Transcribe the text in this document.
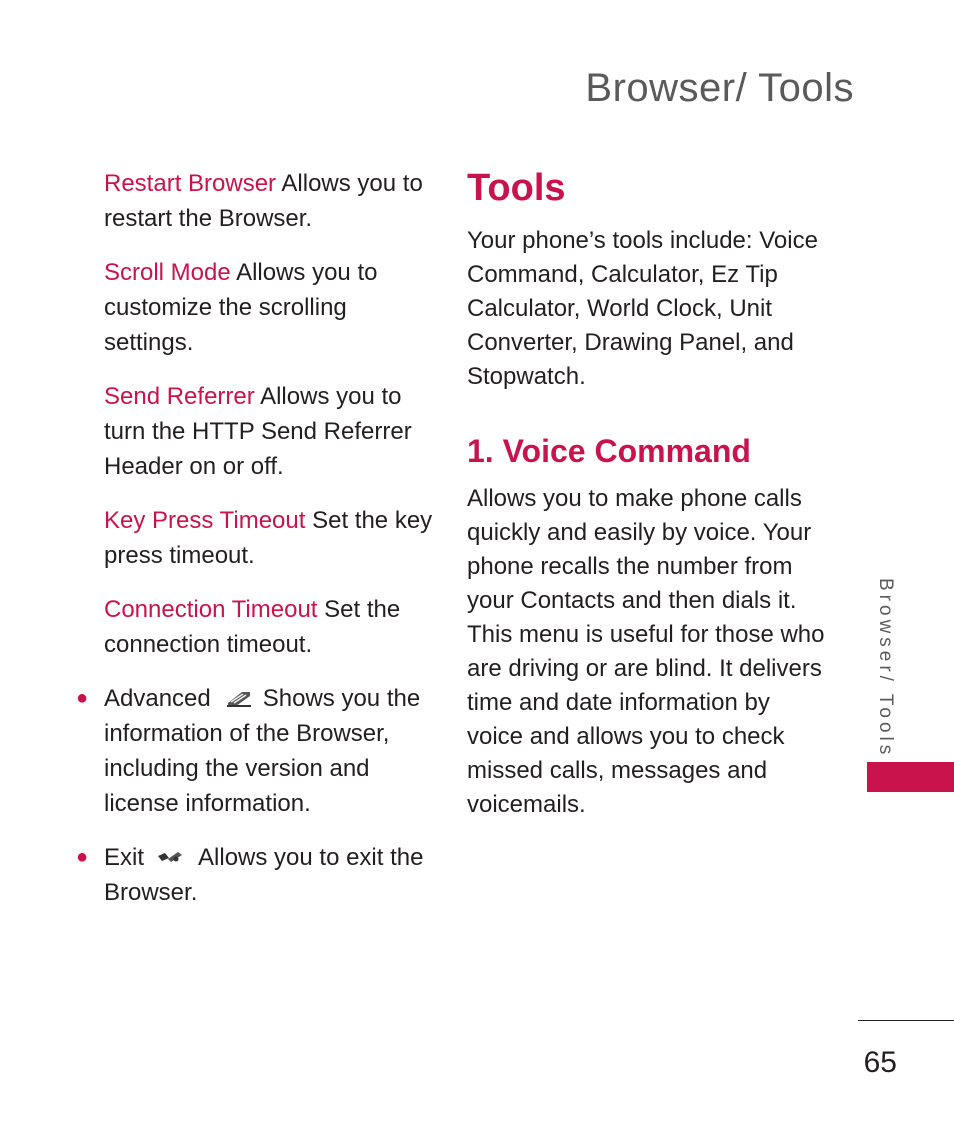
Browser/ Tools

Restart Browser Allows you to restart the Browser.

Scroll Mode Allows you to customize the scrolling settings.

Send Referrer Allows you to turn the HTTP Send Referrer Header on or off.

Key Press Timeout Set the key press timeout.

Connection Timeout Set the connection timeout.

● Advanced Shows you the information of the Browser, including the version and license information.

● Exit Allows you to exit the Browser.

Tools

Your phone’s tools include: Voice Command, Calculator, Ez Tip Calculator, World Clock, Unit Converter, Drawing Panel, and Stopwatch.

1. Voice Command

Allows you to make phone calls quickly and easily by voice. Your phone recalls the number from your Contacts and then dials it. This menu is useful for those who are driving or are blind. It delivers time and date information by voice and allows you to check missed calls, messages and voicemails.

Browser/ Tools
65
